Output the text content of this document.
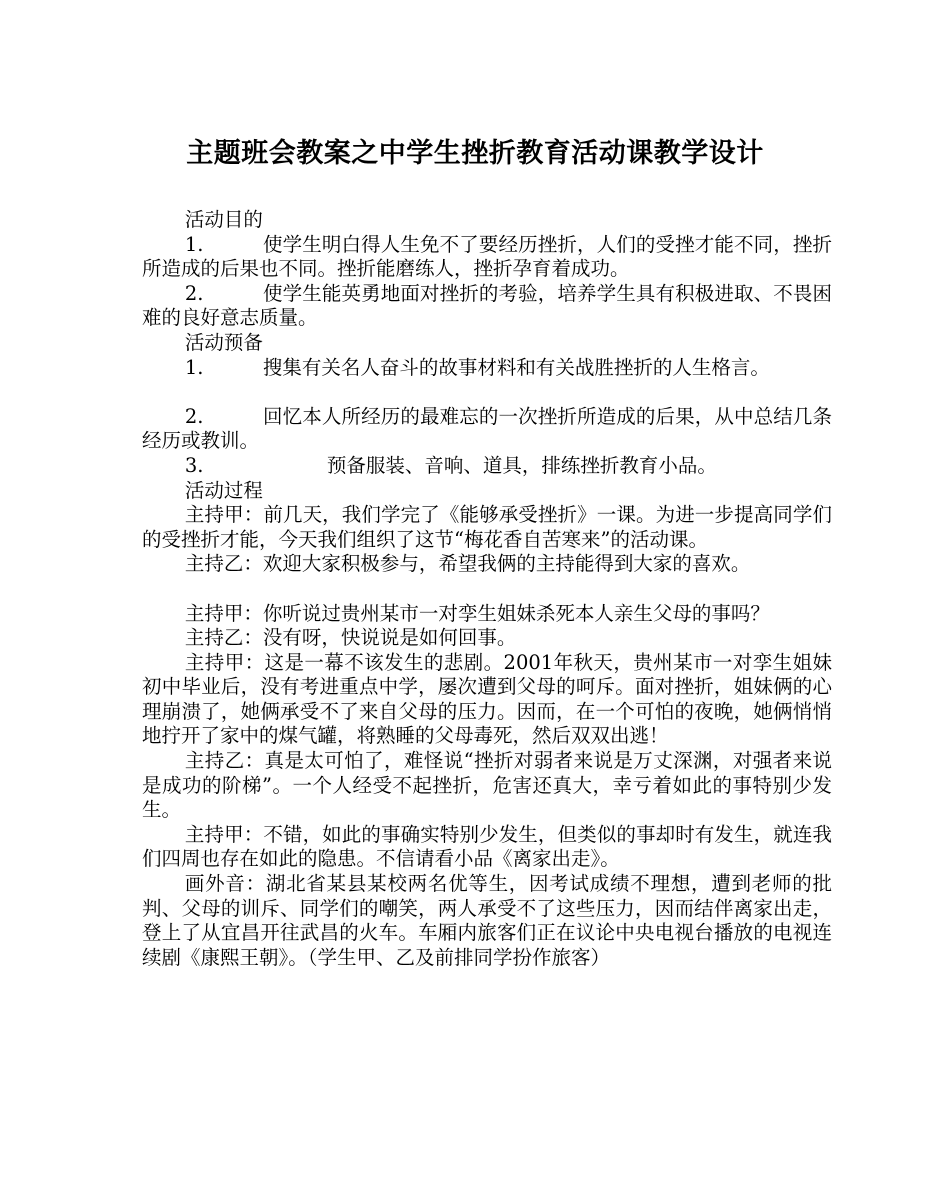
主题班会教案之中学生挫折教育活动课教学设计

活动目的

1.	使学生明白得人生免不了要经历挫折，人们的受挫才能不同，挫折所造成的后果也不同。挫折能磨练人，挫折孕育着成功。

2.	使学生能英勇地面对挫折的考验，培养学生具有积极进取、不畏困难的良好意志质量。

活动预备

1.	搜集有关名人奋斗的故事材料和有关战胜挫折的人生格言。

2.	回忆本人所经历的最难忘的一次挫折所造成的后果，从中总结几条经历或教训。

3.	预备服装、音响、道具，排练挫折教育小品。

活动过程

主持甲：前几天，我们学完了《能够承受挫折》一课。为进一步提高同学们的受挫折才能，今天我们组织了这节“梅花香自苦寒来”的活动课。

主持乙：欢迎大家积极参与，希望我俩的主持能得到大家的喜欢。

主持甲：你听说过贵州某市一对孪生姐妹杀死本人亲生父母的事吗？

主持乙：没有呀，快说说是如何回事。

主持甲：这是一幕不该发生的悲剧。2001年秋天，贵州某市一对孪生姐妹初中毕业后，没有考进重点中学，屡次遭到父母的呵斥。面对挫折，姐妹俩的心理崩溃了，她俩承受不了来自父母的压力。因而，在一个可怕的夜晚，她俩悄悄地拧开了家中的煤气罐，将熟睡的父母毒死，然后双双出逃！

主持乙：真是太可怕了，难怪说“挫折对弱者来说是万丈深渊，对强者来说是成功的阶梯”。一个人经受不起挫折，危害还真大，幸亏着如此的事特别少发生。

主持甲：不错，如此的事确实特别少发生，但类似的事却时有发生，就连我们四周也存在如此的隐患。不信请看小品《离家出走》。

画外音：湖北省某县某校两名优等生，因考试成绩不理想，遭到老师的批判、父母的训斥、同学们的嘲笑，两人承受不了这些压力，因而结伴离家出走，登上了从宜昌开往武昌的火车。车厢内旅客们正在议论中央电视台播放的电视连续剧《康熙王朝》。（学生甲、乙及前排同学扮作旅客）
